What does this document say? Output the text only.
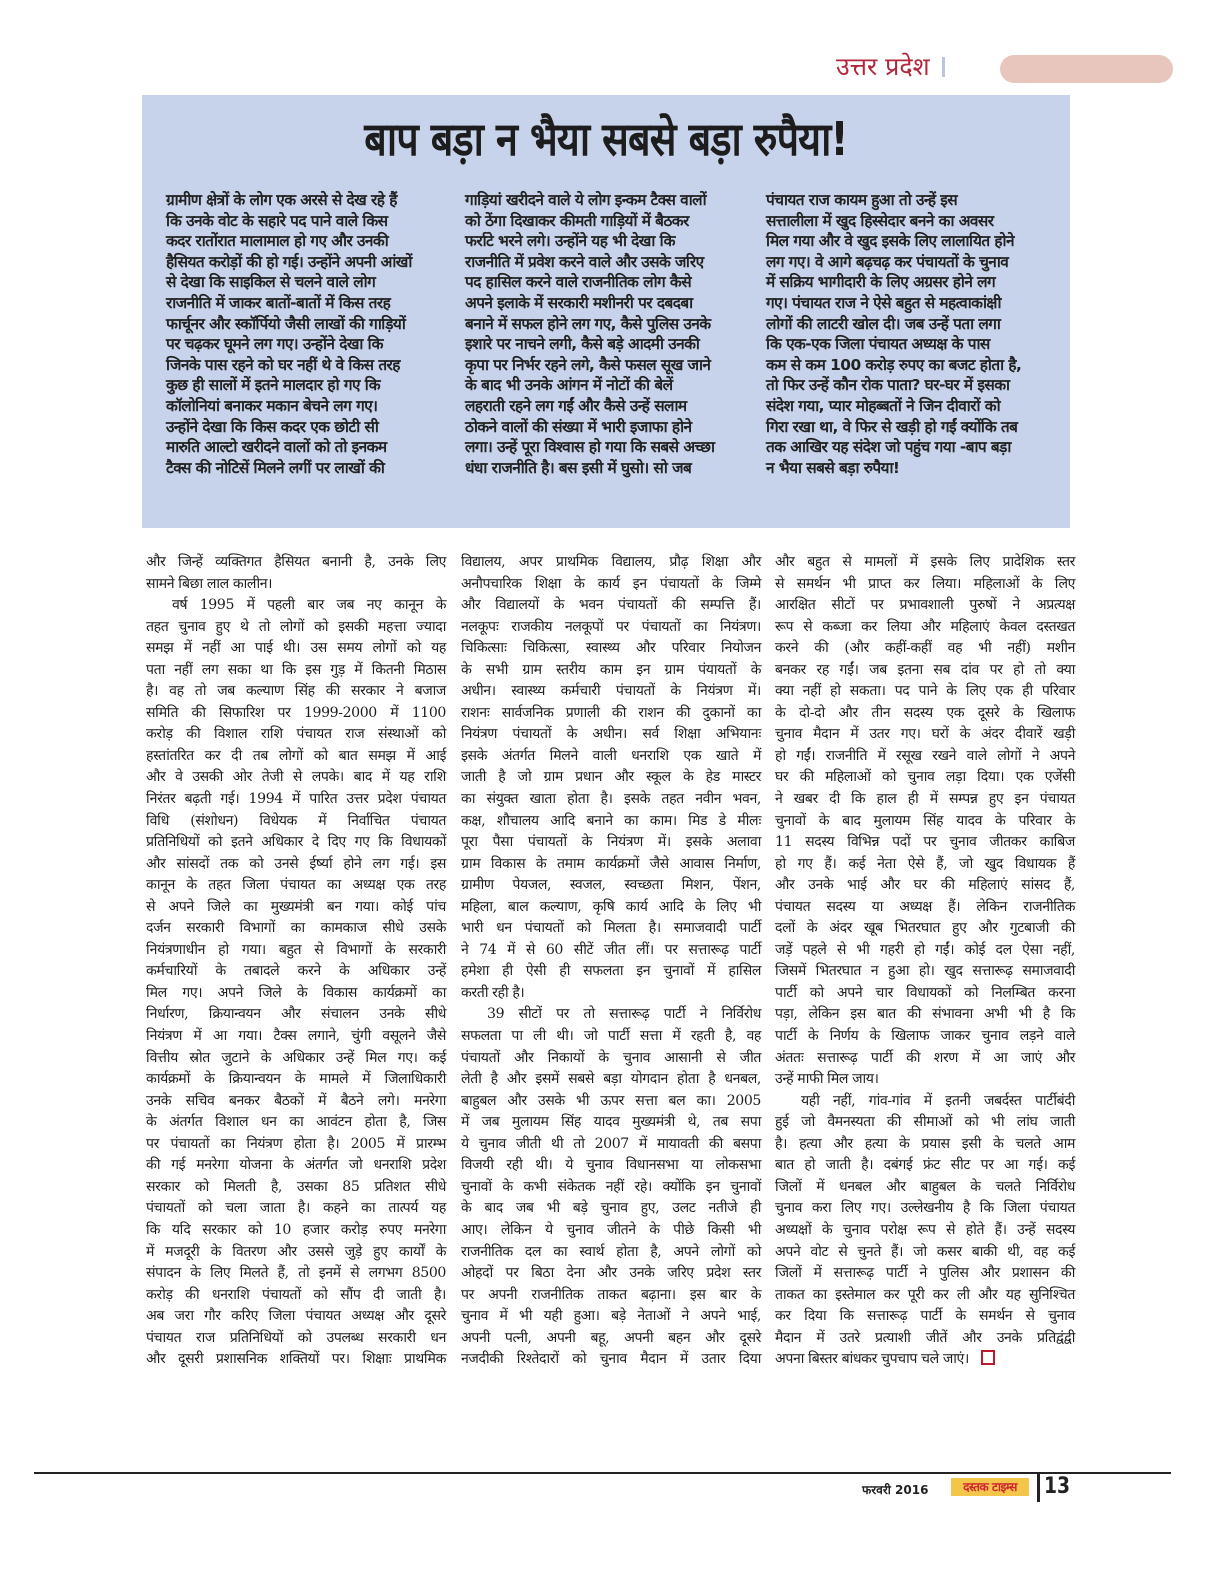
उत्तर प्रदेश
बाप बड़ा न भैया सबसे बड़ा रुपैया!
ग्रामीण क्षेत्रों के लोग एक अरसे से देख रहे हैं
कि उनके वोट के सहारे पद पाने वाले किस
कदर रातोंरात मालामाल हो गए और उनकी
हैसियत करोड़ों की हो गई। उन्होंने अपनी आंखों
से देखा कि साइकिल से चलने वाले लोग
राजनीति में जाकर बातों-बातों में किस तरह
फार्चूनर और स्कॉर्पियो जैसी लाखों की गाड़ियों
पर चढ़कर घूमने लग गए। उन्होंने देखा कि
जिनके पास रहने को घर नहीं थे वे किस तरह
कुछ ही सालों में इतने मालदार हो गए कि
कॉलोनियां बनाकर मकान बेचने लग गए।
उन्होंने देखा कि किस कदर एक छोटी सी
मारुति आल्टो खरीदने वालों को तो इनकम
टैक्स की नोटिसें मिलने लगीं पर लाखों की
गाड़ियां खरीदने वाले ये लोग इन्कम टैक्स वालों
को ठेंगा दिखाकर कीमती गाड़ियों में बैठकर
फर्राटे भरने लगे। उन्होंने यह भी देखा कि
राजनीति में प्रवेश करने वाले और उसके जरिए
पद हासिल करने वाले राजनीतिक लोग कैसे
अपने इलाके में सरकारी मशीनरी पर दबदबा
बनाने में सफल होने लग गए, कैसे पुलिस उनके
इशारे पर नाचने लगी, कैसे बड़े आदमी उनकी
कृपा पर निर्भर रहने लगे, कैसे फसल सूख जाने
के बाद भी उनके आंगन में नोटों की बेलें
लहराती रहने लग गईं और कैसे उन्हें सलाम
ठोकने वालों की संख्या में भारी इजाफा होने
लगा। उन्हें पूरा विश्वास हो गया कि सबसे अच्छा
धंधा राजनीति है। बस इसी में घुसो। सो जब
पंचायत राज कायम हुआ तो उन्हें इस
सत्तालीला में खुद हिस्सेदार बनने का अवसर
मिल गया और वे खुद इसके लिए लालायित होने
लग गए। वे आगे बढ़चढ़ कर पंचायतों के चुनाव
में सक्रिय भागीदारी के लिए अग्रसर होने लग
गए। पंचायत राज ने ऐसे बहुत से महत्वाकांक्षी
लोगों की लाटरी खोल दी। जब उन्हें पता लगा
कि एक-एक जिला पंचायत अध्यक्ष के पास
कम से कम 100 करोड़ रुपए का बजट होता है,
तो फिर उन्हें कौन रोक पाता? घर-घर में इसका
संदेश गया, प्यार मोहब्बतों ने जिन दीवारों को
गिरा रखा था, वे फिर से खड़ी हो गईं क्योंकि तब
तक आखिर यह संदेश जो पहुंच गया -बाप बड़ा
न भैया सबसे बड़ा रुपैया!
और जिन्हें व्यक्तिगत हैसियत बनानी है, उनके लिए
सामने बिछा लाल कालीन।
वर्ष 1995 में पहली बार जब नए कानून के
तहत चुनाव हुए थे तो लोगों को इसकी महत्ता ज्यादा
समझ में नहीं आ पाई थी। उस समय लोगों को यह
पता नहीं लग सका था कि इस गुड़ में कितनी मिठास
है। वह तो जब कल्याण सिंह की सरकार ने बजाज
समिति की सिफारिश पर 1999-2000 में 1100
करोड़ की विशाल राशि पंचायत राज संस्थाओं को
हस्तांतरित कर दी तब लोगों को बात समझ में आई
और वे उसकी ओर तेजी से लपके। बाद में यह राशि
निरंतर बढ़ती गई। 1994 में पारित उत्तर प्रदेश पंचायत
विधि (संशोधन) विधेयक में निर्वाचित पंचायत
प्रतिनिधियों को इतने अधिकार दे दिए गए कि विधायकों
और सांसदों तक को उनसे ईर्ष्या होने लग गई। इस
कानून के तहत जिला पंचायत का अध्यक्ष एक तरह
से अपने जिले का मुख्यमंत्री बन गया। कोई पांच
दर्जन सरकारी विभागों का कामकाज सीधे उसके
नियंत्रणाधीन हो गया। बहुत से विभागों के सरकारी
कर्मचारियों के तबादले करने के अधिकार उन्हें
मिल गए। अपने जिले के विकास कार्यक्रमों का
निर्धारण, क्रियान्वयन और संचालन उनके सीधे
नियंत्रण में आ गया। टैक्स लगाने, चुंगी वसूलने जैसे
वित्तीय स्रोत जुटाने के अधिकार उन्हें मिल गए। कई
कार्यक्रमों के क्रियान्वयन के मामले में जिलाधिकारी
उनके सचिव बनकर बैठकों में बैठने लगे। मनरेगा
के अंतर्गत विशाल धन का आवंटन होता है, जिस
पर पंचायतों का नियंत्रण होता है। 2005 में प्रारम्भ
की गई मनरेगा योजना के अंतर्गत जो धनराशि प्रदेश
सरकार को मिलती है, उसका 85 प्रतिशत सीधे
पंचायतों को चला जाता है। कहने का तात्पर्य यह
कि यदि सरकार को 10 हजार करोड़ रुपए मनरेगा
में मजदूरी के वितरण और उससे जुड़े हुए कार्यों के
संपादन के लिए मिलते हैं, तो इनमें से लगभग 8500
करोड़ की धनराशि पंचायतों को सौंप दी जाती है।
अब जरा गौर करिए जिला पंचायत अध्यक्ष और दूसरे
पंचायत राज प्रतिनिधियों को उपलब्ध सरकारी धन
और दूसरी प्रशासनिक शक्तियों पर। शिक्षाः प्राथमिक
विद्यालय, अपर प्राथमिक विद्यालय, प्रौढ़ शिक्षा और
अनौपचारिक शिक्षा के कार्य इन पंचायतों के जिम्मे
और विद्यालयों के भवन पंचायतों की सम्पत्ति हैं।
नलकूपः राजकीय नलकूपों पर पंचायतों का नियंत्रण।
चिकित्साः चिकित्सा, स्वास्थ्य और परिवार नियोजन
के सभी ग्राम स्तरीय काम इन ग्राम पंयायतों के
अधीन। स्वास्थ्य कर्मचारी पंचायतों के नियंत्रण में।
राशनः सार्वजनिक प्रणाली की राशन की दुकानों का
नियंत्रण पंचायतों के अधीन। सर्व शिक्षा अभियानः
इसके अंतर्गत मिलने वाली धनराशि एक खाते में
जाती है जो ग्राम प्रधान और स्कूल के हेड मास्टर
का संयुक्त खाता होता है। इसके तहत नवीन भवन,
कक्ष, शौचालय आदि बनाने का काम। मिड डे मीलः
पूरा पैसा पंचायतों के नियंत्रण में। इसके अलावा
ग्राम विकास के तमाम कार्यक्रमों जैसे आवास निर्माण,
ग्रामीण पेयजल, स्वजल, स्वच्छता मिशन, पेंशन,
महिला, बाल कल्याण, कृषि कार्य आदि के लिए भी
भारी धन पंचायतों को मिलता है। समाजवादी पार्टी
ने 74 में से 60 सीटें जीत लीं। पर सत्तारूढ़ पार्टी
हमेशा ही ऐसी ही सफलता इन चुनावों में हासिल
करती रही है।
39 सीटों पर तो सत्तारूढ़ पार्टी ने निर्विरोध
सफलता पा ली थी। जो पार्टी सत्ता में रहती है, वह
पंचायतों और निकायों के चुनाव आसानी से जीत
लेती है और इसमें सबसे बड़ा योगदान होता है धनबल,
बाहुबल और उसके भी ऊपर सत्ता बल का। 2005
में जब मुलायम सिंह यादव मुख्यमंत्री थे, तब सपा
ये चुनाव जीती थी तो 2007 में मायावती की बसपा
विजयी रही थी। ये चुनाव विधानसभा या लोकसभा
चुनावों के कभी संकेतक नहीं रहे। क्योंकि इन चुनावों
के बाद जब भी बड़े चुनाव हुए, उलट नतीजे ही
आए। लेकिन ये चुनाव जीतने के पीछे किसी भी
राजनीतिक दल का स्वार्थ होता है, अपने लोगों को
ओहदों पर बिठा देना और उनके जरिए प्रदेश स्तर
पर अपनी राजनीतिक ताकत बढ़ाना। इस बार के
चुनाव में भी यही हुआ। बड़े नेताओं ने अपने भाई,
अपनी पत्नी, अपनी बहू, अपनी बहन और दूसरे
नजदीकी रिश्तेदारों को चुनाव मैदान में उतार दिया
और बहुत से मामलों में इसके लिए प्रादेशिक स्तर
से समर्थन भी प्राप्त कर लिया। महिलाओं के लिए
आरक्षित सीटों पर प्रभावशाली पुरुषों ने अप्रत्यक्ष
रूप से कब्जा कर लिया और महिलाएं केवल दस्तखत
करने की (और कहीं-कहीं वह भी नहीं) मशीन
बनकर रह गईं। जब इतना सब दांव पर हो तो क्या
क्या नहीं हो सकता। पद पाने के लिए एक ही परिवार
के दो-दो और तीन सदस्य एक दूसरे के खिलाफ
चुनाव मैदान में उतर गए। घरों के अंदर दीवारें खड़ी
हो गईं। राजनीति में रसूख रखने वाले लोगों ने अपने
घर की महिलाओं को चुनाव लड़ा दिया। एक एजेंसी
ने खबर दी कि हाल ही में सम्पन्न हुए इन पंचायत
चुनावों के बाद मुलायम सिंह यादव के परिवार के
11 सदस्य विभिन्न पदों पर चुनाव जीतकर काबिज
हो गए हैं। कई नेता ऐसे हैं, जो खुद विधायक हैं
और उनके भाई और घर की महिलाएं सांसद हैं,
पंचायत सदस्य या अध्यक्ष हैं। लेकिन राजनीतिक
दलों के अंदर खूब भितरघात हुए और गुटबाजी की
जड़ें पहले से भी गहरी हो गईं। कोई दल ऐसा नहीं,
जिसमें भितरघात न हुआ हो। खुद सत्तारूढ़ समाजवादी
पार्टी को अपने चार विधायकों को निलम्बित करना
पड़ा, लेकिन इस बात की संभावना अभी भी है कि
पार्टी के निर्णय के खिलाफ जाकर चुनाव लड़ने वाले
अंततः सत्तारूढ़ पार्टी की शरण में आ जाएं और
उन्हें माफी मिल जाय।
यही नहीं, गांव-गांव में इतनी जबर्दस्त पार्टीबंदी
हुई जो वैमनस्यता की सीमाओं को भी लांघ जाती
है। हत्या और हत्या के प्रयास इसी के चलते आम
बात हो जाती है। दबंगई फ्रंट सीट पर आ गई। कई
जिलों में धनबल और बाहुबल के चलते निर्विरोध
चुनाव करा लिए गए। उल्लेखनीय है कि जिला पंचायत
अध्यक्षों के चुनाव परोक्ष रूप से होते हैं। उन्हें सदस्य
अपने वोट से चुनते हैं। जो कसर बाकी थी, वह कई
जिलों में सत्तारूढ़ पार्टी ने पुलिस और प्रशासन की
ताकत का इस्तेमाल कर पूरी कर ली और यह सुनिश्चित
कर दिया कि सत्तारूढ़ पार्टी के समर्थन से चुनाव
मैदान में उतरे प्रत्याशी जीतें और उनके प्रतिद्वंद्वी
अपना बिस्तर बांधकर चुपचाप चले जाएं।
फरवरी 2016	दस्तक टाइम्स	13
